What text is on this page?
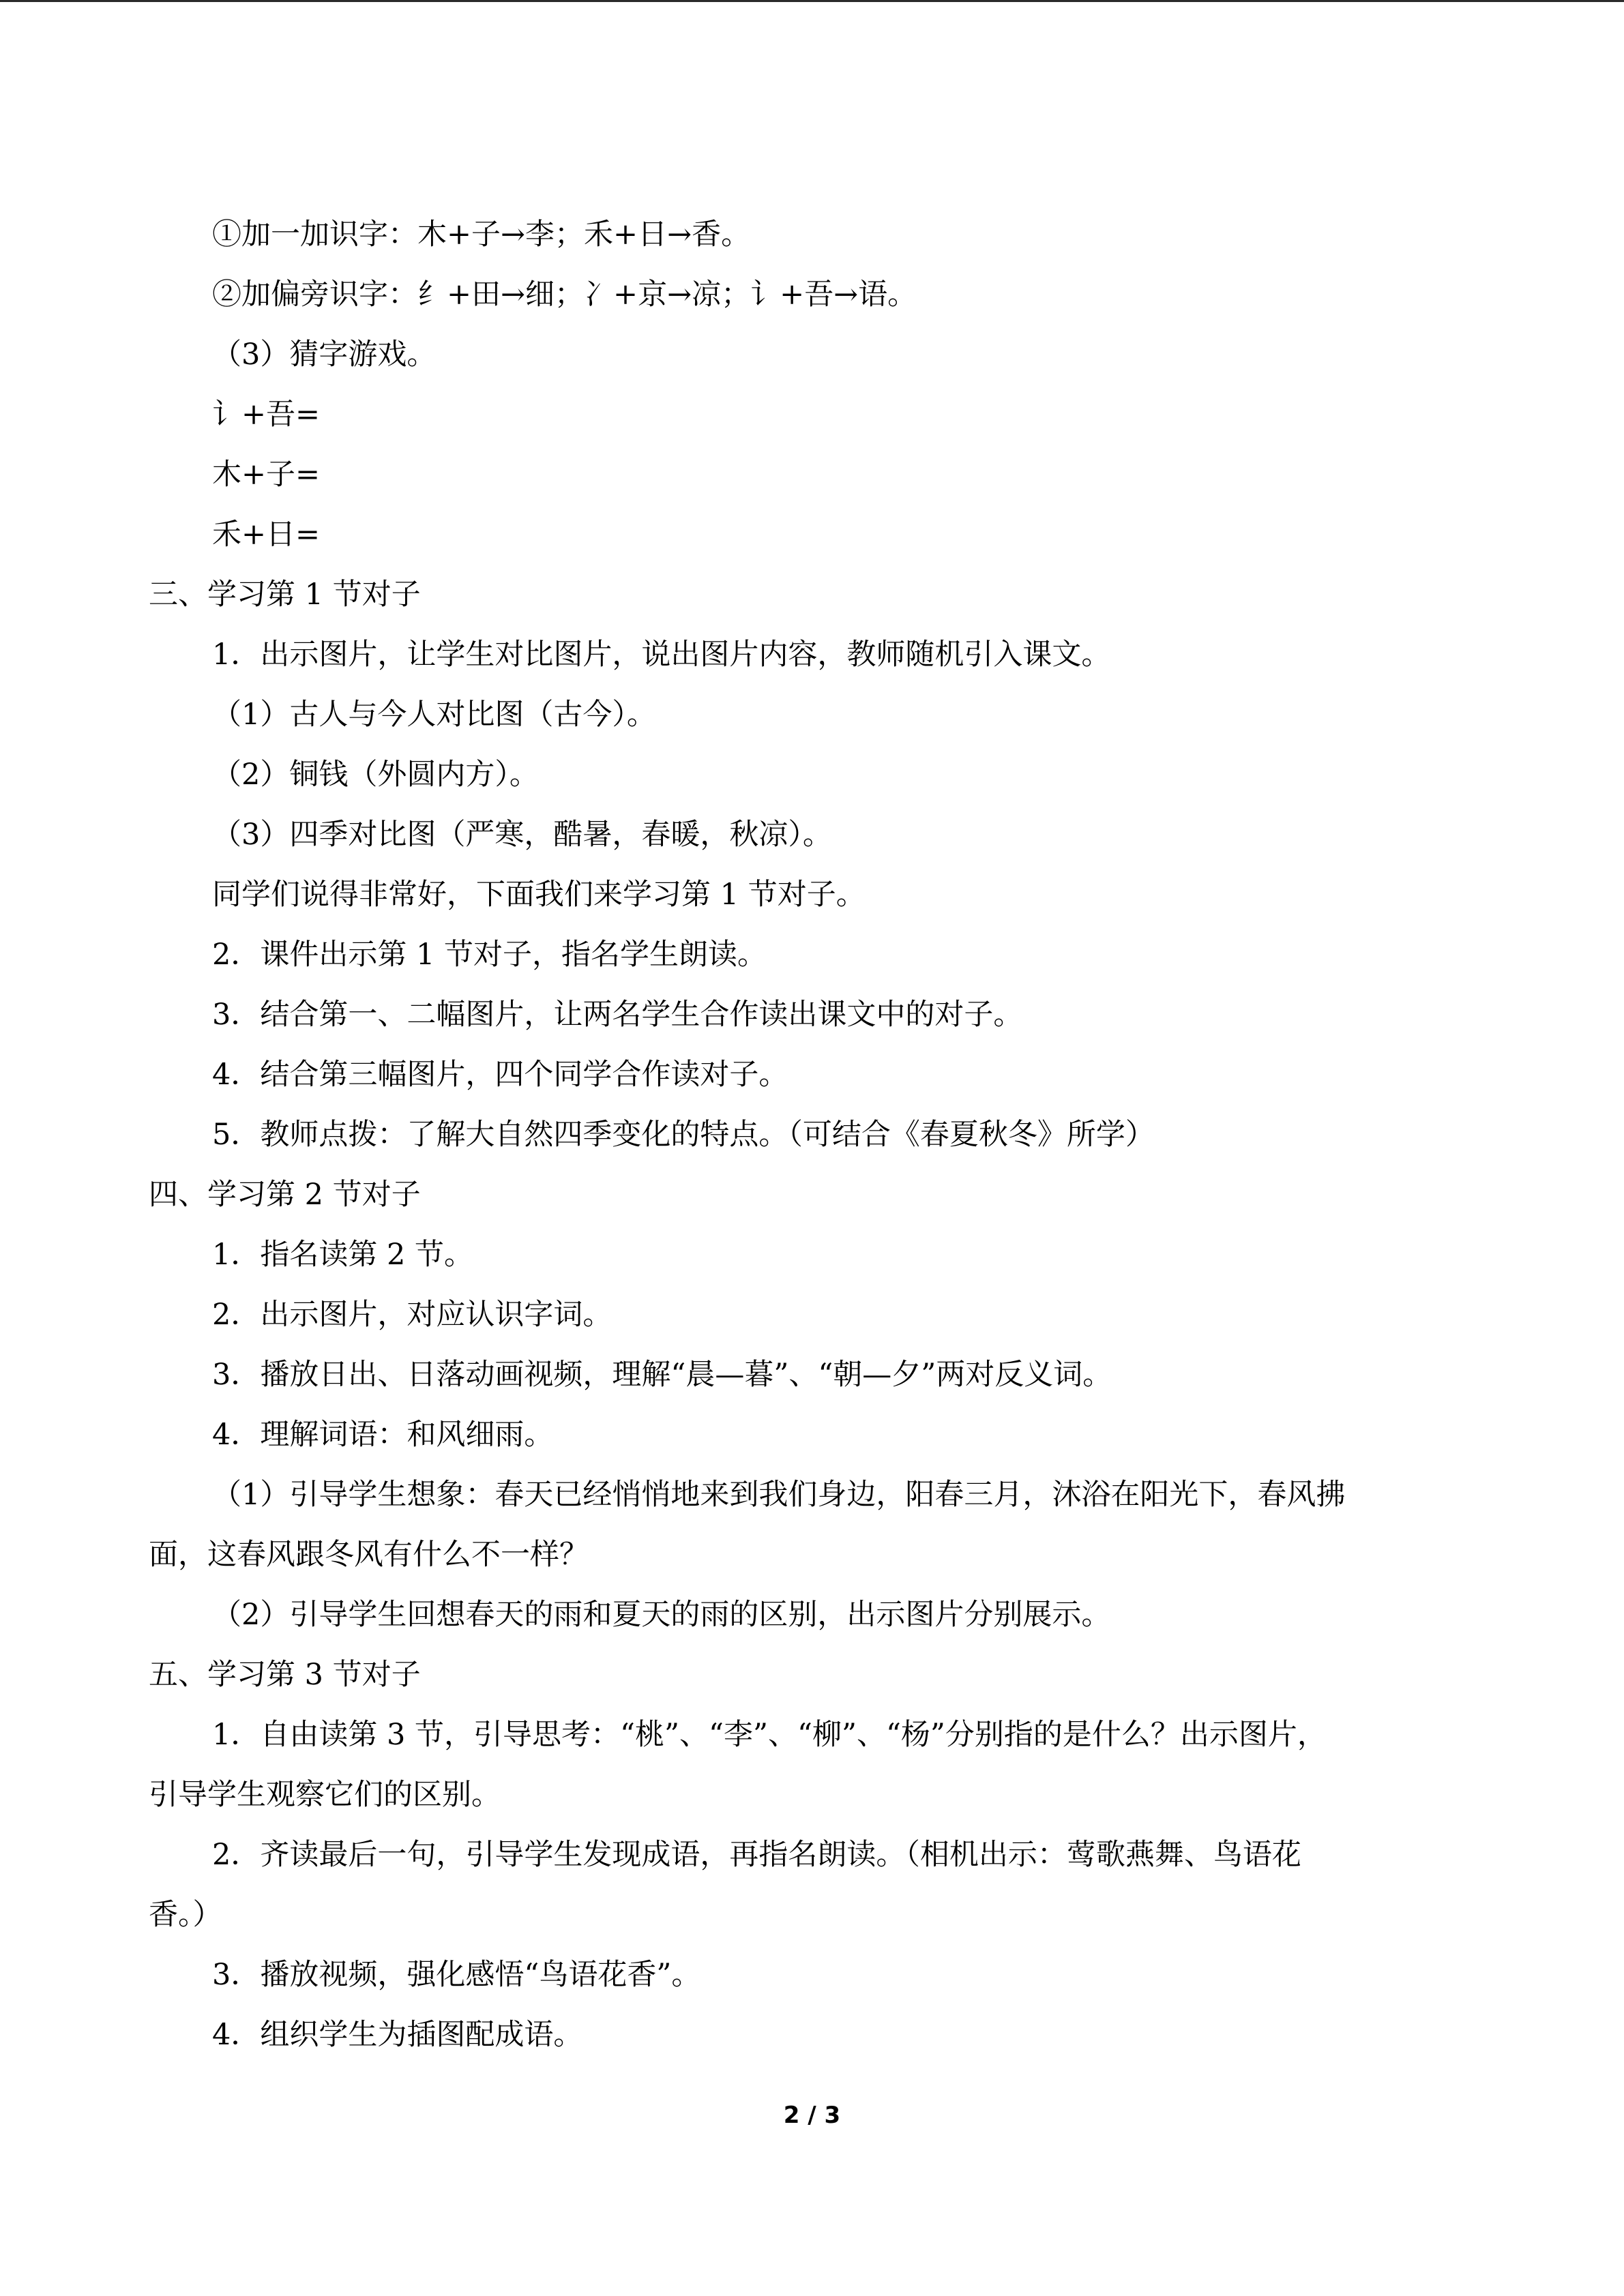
①加一加识字：木+子→李；禾+日→香。
②加偏旁识字：纟+田→细；冫+京→凉；讠+吾→语。
（3）猜字游戏。
讠+吾=
木+子=
禾+日=
三、学习第 1 节对子
1．出示图片，让学生对比图片，说出图片内容，教师随机引入课文。
（1）古人与今人对比图（古今）。
（2）铜钱（外圆内方）。
（3）四季对比图（严寒，酷暑，春暖，秋凉）。
同学们说得非常好，下面我们来学习第 1 节对子。
2．课件出示第 1 节对子，指名学生朗读。
3．结合第一、二幅图片，让两名学生合作读出课文中的对子。
4．结合第三幅图片，四个同学合作读对子。
5．教师点拨：了解大自然四季变化的特点。（可结合《春夏秋冬》所学）
四、学习第 2 节对子
1．指名读第 2 节。
2．出示图片，对应认识字词。
3．播放日出、日落动画视频，理解“晨—暮”、“朝—夕”两对反义词。
4．理解词语：和风细雨。
（1）引导学生想象：春天已经悄悄地来到我们身边，阳春三月，沐浴在阳光下，春风拂
面，这春风跟冬风有什么不一样？
（2）引导学生回想春天的雨和夏天的雨的区别，出示图片分别展示。
五、学习第 3 节对子
1．自由读第 3 节，引导思考：“桃”、“李”、“柳”、“杨”分别指的是什么？出示图片，
引导学生观察它们的区别。
2．齐读最后一句，引导学生发现成语，再指名朗读。（相机出示：莺歌燕舞、鸟语花
香。）
3．播放视频，强化感悟“鸟语花香”。
4．组织学生为插图配成语。
2 / 3
